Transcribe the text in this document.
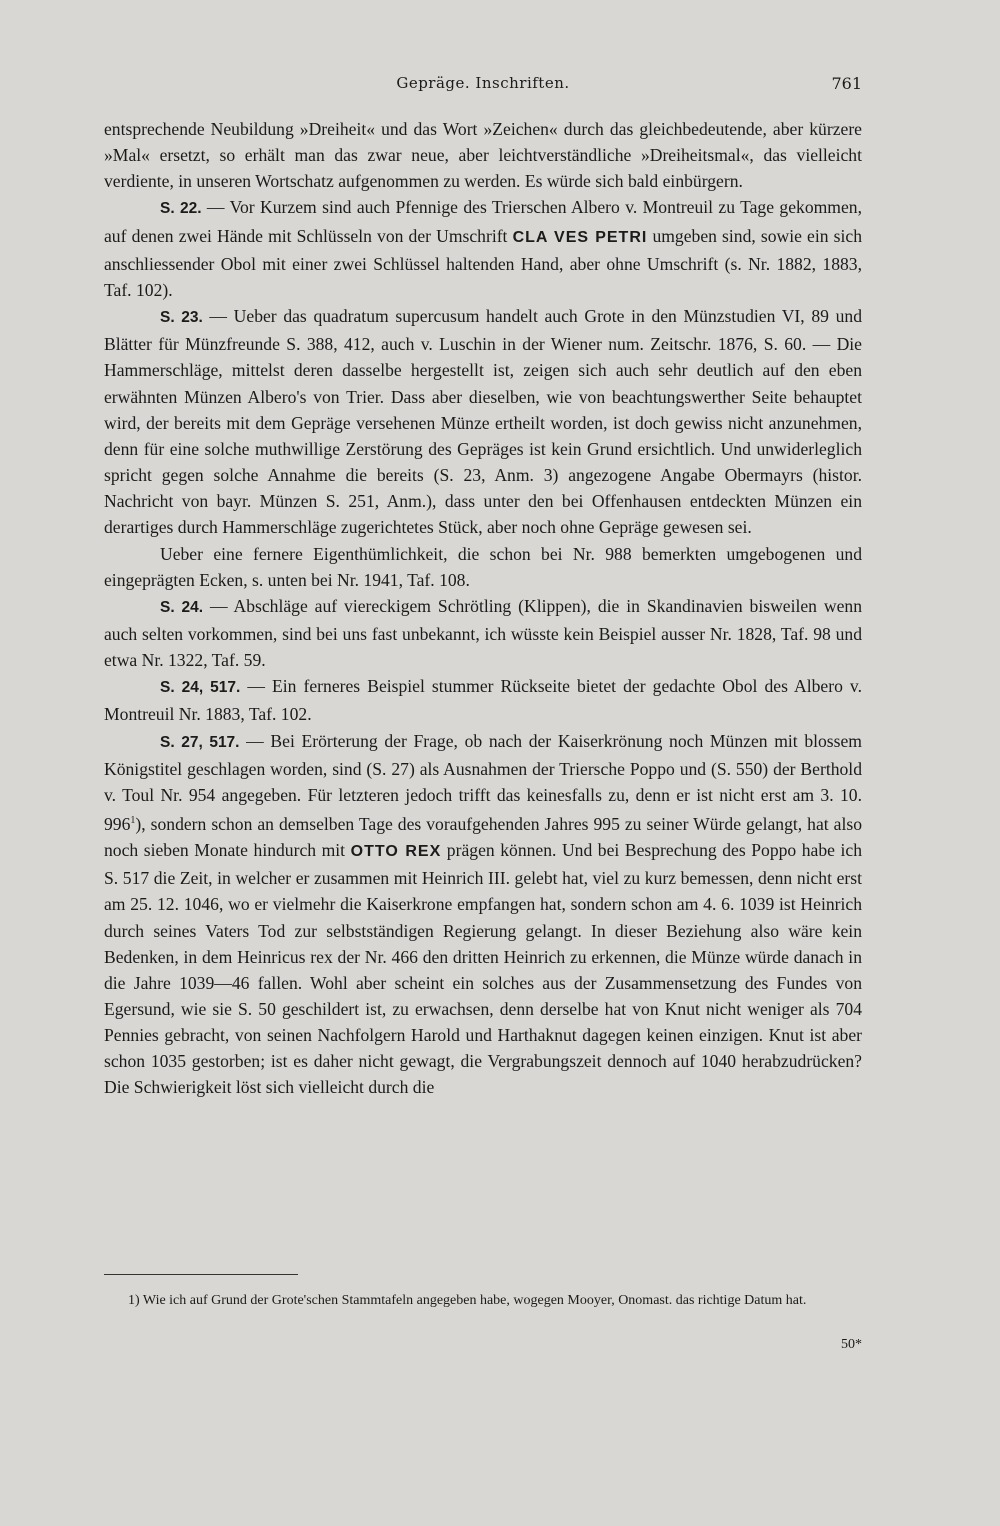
Gepräge. Inschriften.	761

entsprechende Neubildung »Dreiheit« und das Wort »Zeichen« durch das gleichbedeutende, aber kürzere »Mal« ersetzt, so erhält man das zwar neue, aber leichtverständliche »Dreiheitsmal«, das vielleicht verdiente, in unseren Wortschatz aufgenommen zu werden. Es würde sich bald einbürgern.

S. 22. — Vor Kurzem sind auch Pfennige des Trierschen Albero v. Montreuil zu Tage gekommen, auf denen zwei Hände mit Schlüsseln von der Umschrift CLA VES PETRI umgeben sind, sowie ein sich anschliessender Obol mit einer zwei Schlüssel haltenden Hand, aber ohne Umschrift (s. Nr. 1882, 1883, Taf. 102).

S. 23. — Ueber das quadratum supercusum handelt auch Grote in den Münzstudien VI, 89 und Blätter für Münzfreunde S. 388, 412, auch v. Luschin in der Wiener num. Zeitschr. 1876, S. 60. — Die Hammerschläge, mittelst deren dasselbe hergestellt ist, zeigen sich auch sehr deutlich auf den eben erwähnten Münzen Albero's von Trier. Dass aber dieselben, wie von beachtungswerther Seite behauptet wird, der bereits mit dem Gepräge versehenen Münze ertheilt worden, ist doch gewiss nicht anzunehmen, denn für eine solche muthwillige Zerstörung des Gepräges ist kein Grund ersichtlich. Und unwiderleglich spricht gegen solche Annahme die bereits (S. 23, Anm. 3) angezogene Angabe Obermayrs (histor. Nachricht von bayr. Münzen S. 251, Anm.), dass unter den bei Offenhausen entdeckten Münzen ein derartiges durch Hammerschläge zugerichtetes Stück, aber noch ohne Gepräge gewesen sei.

Ueber eine fernere Eigenthümlichkeit, die schon bei Nr. 988 bemerkten umgebogenen und eingeprägten Ecken, s. unten bei Nr. 1941, Taf. 108.

S. 24. — Abschläge auf viereckigem Schrötling (Klippen), die in Skandinavien bisweilen wenn auch selten vorkommen, sind bei uns fast unbekannt, ich wüsste kein Beispiel ausser Nr. 1828, Taf. 98 und etwa Nr. 1322, Taf. 59.

S. 24, 517. — Ein ferneres Beispiel stummer Rückseite bietet der gedachte Obol des Albero v. Montreuil Nr. 1883, Taf. 102.

S. 27, 517. — Bei Erörterung der Frage, ob nach der Kaiserkrönung noch Münzen mit blossem Königstitel geschlagen worden, sind (S. 27) als Ausnahmen der Triersche Poppo und (S. 550) der Berthold v. Toul Nr. 954 angegeben. Für letzteren jedoch trifft das keinesfalls zu, denn er ist nicht erst am 3. 10. $996^1$), sondern schon an demselben Tage des voraufgehenden Jahres 995 zu seiner Würde gelangt, hat also noch sieben Monate hindurch mit OTTO REX prägen können. Und bei Besprechung des Poppo habe ich S. 517 die Zeit, in welcher er zusammen mit Heinrich III. gelebt hat, viel zu kurz bemessen, denn nicht erst am 25. 12. 1046, wo er vielmehr die Kaiserkrone empfangen hat, sondern schon am 4. 6. 1039 ist Heinrich durch seines Vaters Tod zur selbstständigen Regierung gelangt. In dieser Beziehung also wäre kein Bedenken, in dem Heinricus rex der Nr. 466 den dritten Heinrich zu erkennen, die Münze würde danach in die Jahre 1039—46 fallen. Wohl aber scheint ein solches aus der Zusammensetzung des Fundes von Egersund, wie sie S. 50 geschildert ist, zu erwachsen, denn derselbe hat von Knut nicht weniger als 704 Pennies gebracht, von seinen Nachfolgern Harold und Harthaknut dagegen keinen einzigen. Knut ist aber schon 1035 gestorben; ist es daher nicht gewagt, die Vergrabungszeit dennoch auf 1040 herabzudrücken? Die Schwierigkeit löst sich vielleicht durch die

1) Wie ich auf Grund der Grote'schen Stammtafeln angegeben habe, wogegen Mooyer, Onomast. das richtige Datum hat.
50*
